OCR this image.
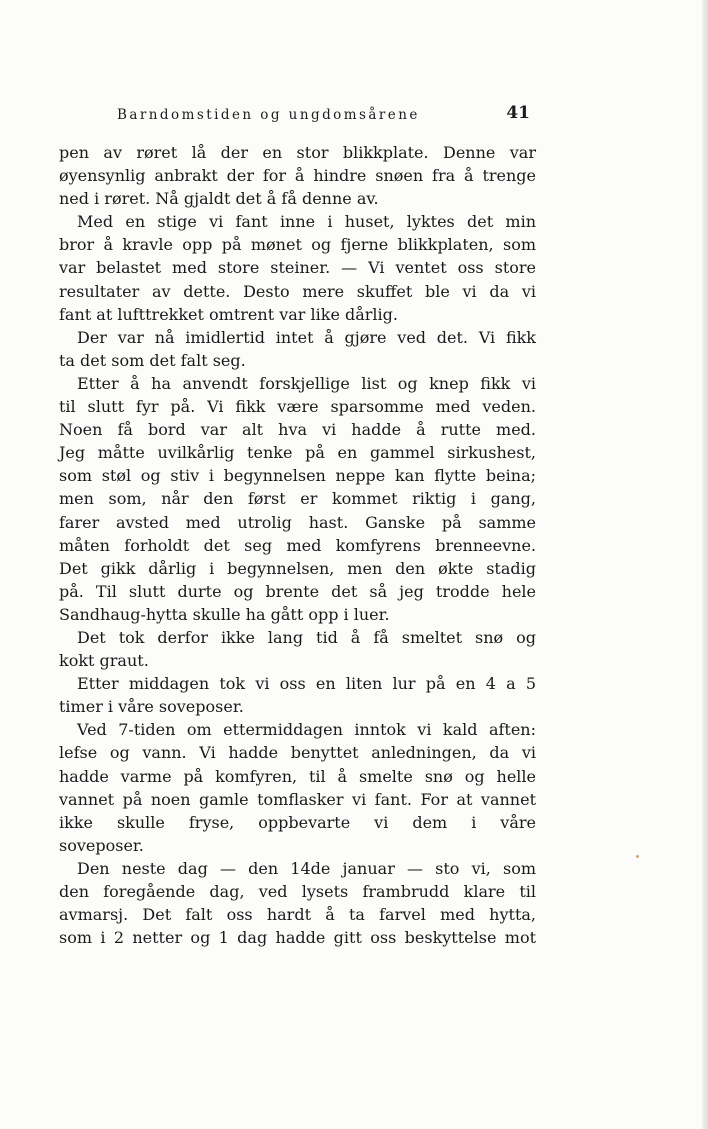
Barndomstiden og ungdomsårene	41
pen av røret lå der en stor blikkplate. Denne var
øyensynlig anbrakt der for å hindre snøen fra å trenge
ned i røret. Nå gjaldt det å få denne av.
Med en stige vi fant inne i huset, lyktes det min
bror å kravle opp på mønet og fjerne blikkplaten, som
var belastet med store steiner. — Vi ventet oss store
resultater av dette. Desto mere skuffet ble vi da vi
fant at lufttrekket omtrent var like dårlig.
Der var nå imidlertid intet å gjøre ved det. Vi fikk
ta det som det falt seg.
Etter å ha anvendt forskjellige list og knep fikk vi
til slutt fyr på. Vi fikk være sparsomme med veden.
Noen få bord var alt hva vi hadde å rutte med.
Jeg måtte uvilkårlig tenke på en gammel sirkushest,
som støl og stiv i begynnelsen neppe kan flytte beina;
men som, når den først er kommet riktig i gang,
farer avsted med utrolig hast. Ganske på samme
måten forholdt det seg med komfyrens brenneevne.
Det gikk dårlig i begynnelsen, men den økte stadig
på. Til slutt durte og brente det så jeg trodde hele
Sandhaug-hytta skulle ha gått opp i luer.
Det tok derfor ikke lang tid å få smeltet snø og
kokt graut.
Etter middagen tok vi oss en liten lur på en 4 a 5
timer i våre soveposer.
Ved 7-tiden om ettermiddagen inntok vi kald aften:
lefse og vann. Vi hadde benyttet anledningen, da vi
hadde varme på komfyren, til å smelte snø og helle
vannet på noen gamle tomflasker vi fant. For at vannet
ikke skulle fryse, oppbevarte vi dem i våre
soveposer.
Den neste dag — den 14de januar — sto vi, som
den foregående dag, ved lysets frambrudd klare til
avmarsj. Det falt oss hardt å ta farvel med hytta,
som i 2 netter og 1 dag hadde gitt oss beskyttelse mot
